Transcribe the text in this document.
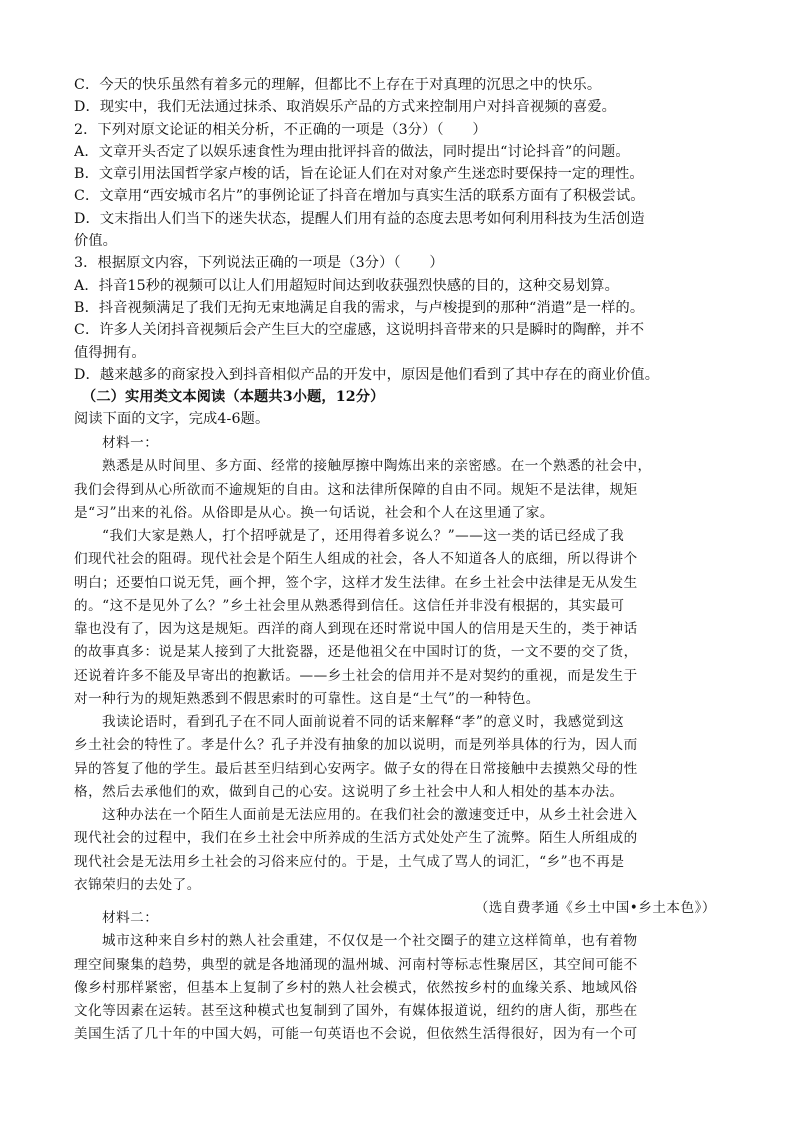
C．今天的快乐虽然有着多元的理解，但都比不上存在于对真理的沉思之中的快乐。
D．现实中，我们无法通过抹杀、取消娱乐产品的方式来控制用户对抖音视频的喜爱。
2．下列对原文论证的相关分析，不正确的一项是（3分）（　　）
A．文章开头否定了以娱乐速食性为理由批评抖音的做法，同时提出“讨论抖音”的问题。
B．文章引用法国哲学家卢梭的话，旨在论证人们在对对象产生迷恋时要保持一定的理性。
C．文章用“西安城市名片”的事例论证了抖音在增加与真实生活的联系方面有了积极尝试。
D．文末指出人们当下的迷失状态，提醒人们用有益的态度去思考如何利用科技为生活创造
价值。
3．根据原文内容，下列说法正确的一项是（3分）（　　）
A．抖音15秒的视频可以让人们用超短时间达到收获强烈快感的目的，这种交易划算。
B．抖音视频满足了我们无拘无束地满足自我的需求，与卢梭提到的那种“消遣”是一样的。
C．许多人关闭抖音视频后会产生巨大的空虚感，这说明抖音带来的只是瞬时的陶醉，并不
值得拥有。
D．越来越多的商家投入到抖音相似产品的开发中，原因是他们看到了其中存在的商业价值。
（二）实用类文本阅读（本题共3小题，12分）
阅读下面的文字，完成4-6题。
材料一：
熟悉是从时间里、多方面、经常的接触厚擦中陶炼出来的亲密感。在一个熟悉的社会中，
我们会得到从心所欲而不逾规矩的自由。这和法律所保障的自由不同。规矩不是法律，规矩
是“习”出来的礼俗。从俗即是从心。换一句话说，社会和个人在这里通了家。
“我们大家是熟人，打个招呼就是了，还用得着多说么？”——这一类的话已经成了我
们现代社会的阻碍。现代社会是个陌生人组成的社会，各人不知道各人的底细，所以得讲个
明白；还要怕口说无凭，画个押，签个字，这样才发生法律。在乡土社会中法律是无从发生
的。“这不是见外了么？”乡土社会里从熟悉得到信任。这信任并非没有根据的，其实最可
靠也没有了，因为这是规矩。西洋的商人到现在还时常说中国人的信用是天生的，类于神话
的故事真多：说是某人接到了大批瓷器，还是他祖父在中国时订的货，一文不要的交了货，
还说着许多不能及早寄出的抱歉话。——乡土社会的信用并不是对契约的重视，而是发生于
对一种行为的规矩熟悉到不假思索时的可靠性。这自是“土气”的一种特色。
我读论语时，看到孔子在不同人面前说着不同的话来解释“孝”的意义时，我感觉到这
乡土社会的特性了。孝是什么？孔子并没有抽象的加以说明，而是列举具体的行为，因人而
异的答复了他的学生。最后甚至归结到心安两字。做子女的得在日常接触中去摸熟父母的性
格，然后去承他们的欢，做到自己的心安。这说明了乡土社会中人和人相处的基本办法。
这种办法在一个陌生人面前是无法应用的。在我们社会的激速变迁中，从乡土社会进入
现代社会的过程中，我们在乡土社会中所养成的生活方式处处产生了流弊。陌生人所组成的
现代社会是无法用乡土社会的习俗来应付的。于是，土气成了骂人的词汇，“乡”也不再是
衣锦荣归的去处了。
（选自费孝通《乡土中国•乡土本色》）
材料二：
城市这种来自乡村的熟人社会重建，不仅仅是一个社交圈子的建立这样简单，也有着物
理空间聚集的趋势，典型的就是各地涌现的温州城、河南村等标志性聚居区，其空间可能不
像乡村那样紧密，但基本上复制了乡村的熟人社会模式，依然按乡村的血缘关系、地域风俗
文化等因素在运转。甚至这种模式也复制到了国外，有媒体报道说，纽约的唐人街，那些在
美国生活了几十年的中国大妈，可能一句英语也不会说，但依然生活得很好，因为有一个可
